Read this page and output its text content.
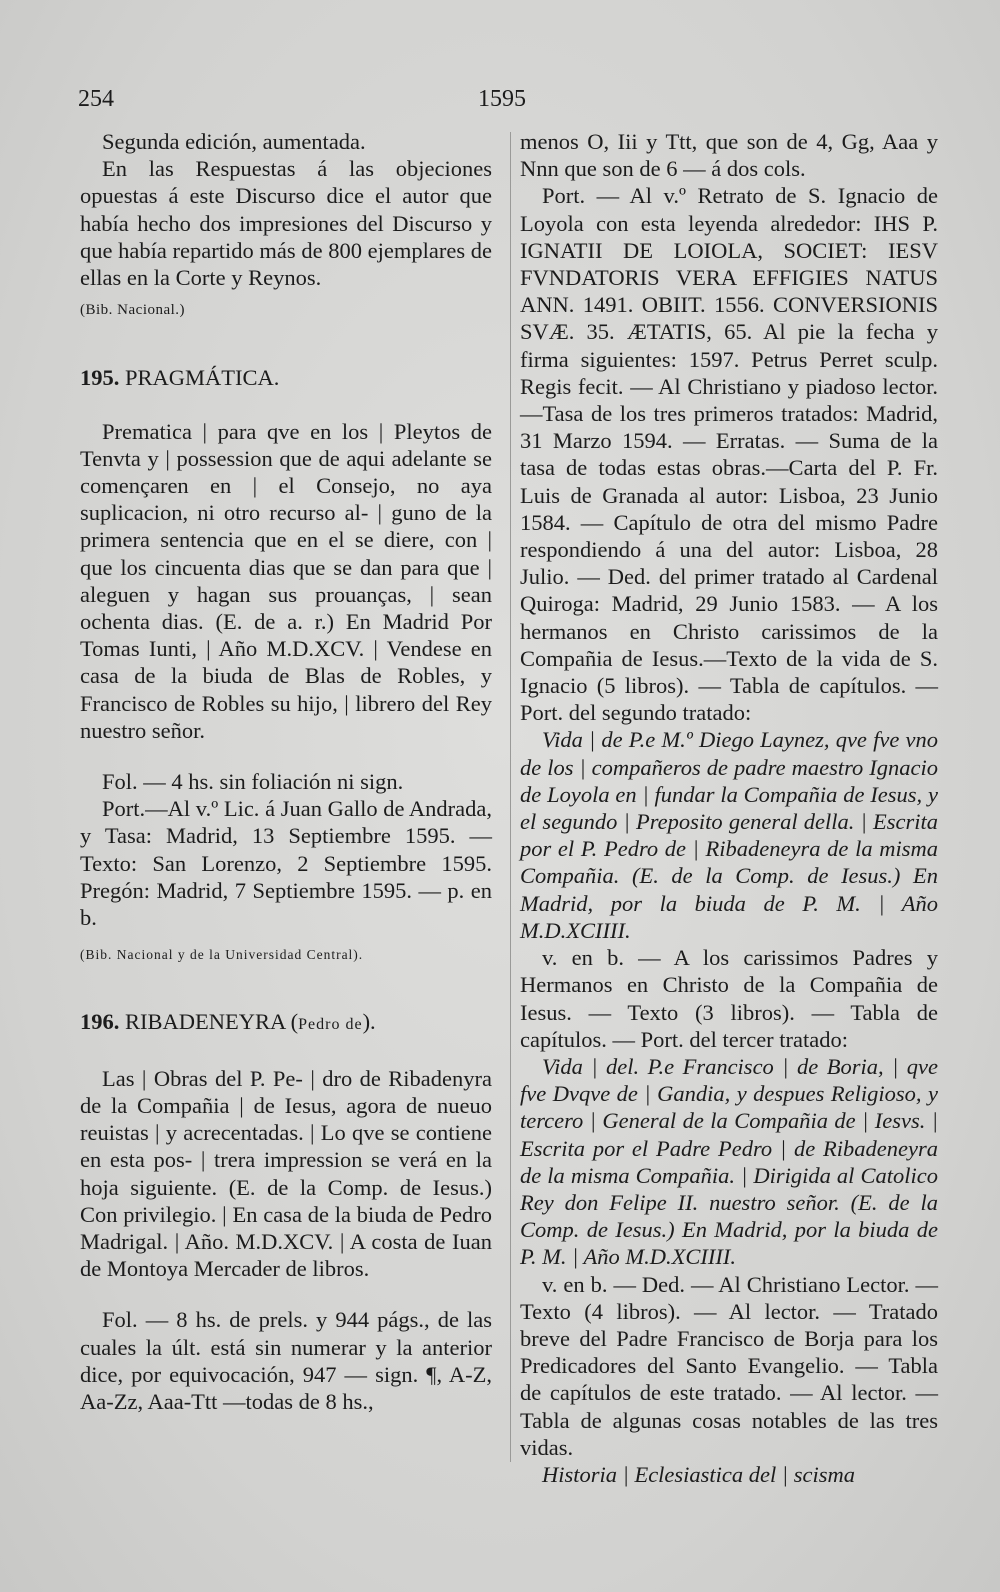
254	1595

Segunda edición, aumentada.

En las Respuestas á las objeciones opuestas á este Discurso dice el autor que había hecho dos impresiones del Discurso y que había repartido más de 800 ejemplares de ellas en la Corte y Reynos.

(Bib. Nacional.)

195. PRAGMÁTICA.

Prematica | para qve en los | Pleytos de Tenvta y | possession que de aqui adelante se començaren en | el Consejo, no aya suplicacion, ni otro recurso al- | guno de la primera sentencia que en el se diere, con | que los cincuenta dias que se dan para que | aleguen y hagan sus prouanças, | sean ochenta dias. (E. de a. r.) En Madrid Por Tomas Iunti, | Año M.D.XCV. | Vendese en casa de la biuda de Blas de Robles, y Francisco de Robles su hijo, | librero del Rey nuestro señor.

Fol. — 4 hs. sin foliación ni sign.

Port.—Al v.º Lic. á Juan Gallo de Andrada, y Tasa: Madrid, 13 Septiembre 1595. — Texto: San Lorenzo, 2 Septiembre 1595. Pregón: Madrid, 7 Septiembre 1595. — p. en b.

(Bib. Nacional y de la Universidad Central).

196. RIBADENEYRA (Pedro de).

Las | Obras del P. Pe- | dro de Ribadenyra de la Compañia | de Iesus, agora de nueuo reuistas | y acrecentadas. | Lo qve se contiene en esta pos- | trera impression se verá en la hoja siguiente. (E. de la Comp. de Iesus.) Con privilegio. | En casa de la biuda de Pedro Madrigal. | Año. M.D.XCV. | A costa de Iuan de Montoya Mercader de libros.

Fol. — 8 hs. de prels. y 944 págs., de las cuales la últ. está sin numerar y la anterior dice, por equivocación, 947 — sign. ¶, A-Z, Aa-Zz, Aaa-Ttt —todas de 8 hs.,

menos O, Iii y Ttt, que son de 4, Gg, Aaa y Nnn que son de 6 — á dos cols.

Port. — Al v.º Retrato de S. Ignacio de Loyola con esta leyenda alrededor: IHS P. IGNATII DE LOIOLA, SOCIET: IESV FVNDATORIS VERA EFFIGIES NATUS ANN. 1491. OBIIT. 1556. CONVERSIONIS SVÆ. 35. ÆTATIS, 65. Al pie la fecha y firma siguientes: 1597. Petrus Perret sculp. Regis fecit. — Al Christiano y piadoso lector.—Tasa de los tres primeros tratados: Madrid, 31 Marzo 1594. — Erratas. — Suma de la tasa de todas estas obras.—Carta del P. Fr. Luis de Granada al autor: Lisboa, 23 Junio 1584. — Capítulo de otra del mismo Padre respondiendo á una del autor: Lisboa, 28 Julio. — Ded. del primer tratado al Cardenal Quiroga: Madrid, 29 Junio 1583. — A los hermanos en Christo carissimos de la Compañia de Iesus.—Texto de la vida de S. Ignacio (5 libros). — Tabla de capítulos. — Port. del segundo tratado:

Vida | de P.e M.º Diego Laynez, qve fve vno de los | compañeros de padre maestro Ignacio de Loyola en | fundar la Compañia de Iesus, y el segundo | Preposito general della. | Escrita por el P. Pedro de | Ribadeneyra de la misma Compañia. (E. de la Comp. de Iesus.) En Madrid, por la biuda de P. M. | Año M.D.XCIIII.

v. en b. — A los carissimos Padres y Hermanos en Christo de la Compañia de Iesus. — Texto (3 libros). — Tabla de capítulos. — Port. del tercer tratado:

Vida | del. P.e Francisco | de Boria, | qve fve Dvqve de | Gandia, y despues Religioso, y tercero | General de la Compañia de | Iesvs. | Escrita por el Padre Pedro | de Ribadeneyra de la misma Compañia. | Dirigida al Catolico Rey don Felipe II. nuestro señor. (E. de la Comp. de Iesus.) En Madrid, por la biuda de P. M. | Año M.D.XCIIII.

v. en b. — Ded. — Al Christiano Lector. — Texto (4 libros). — Al lector. — Tratado breve del Padre Francisco de Borja para los Predicadores del Santo Evangelio. — Tabla de capítulos de este tratado. — Al lector. — Tabla de algunas cosas notables de las tres vidas.

Historia | Eclesiastica del | scisma
